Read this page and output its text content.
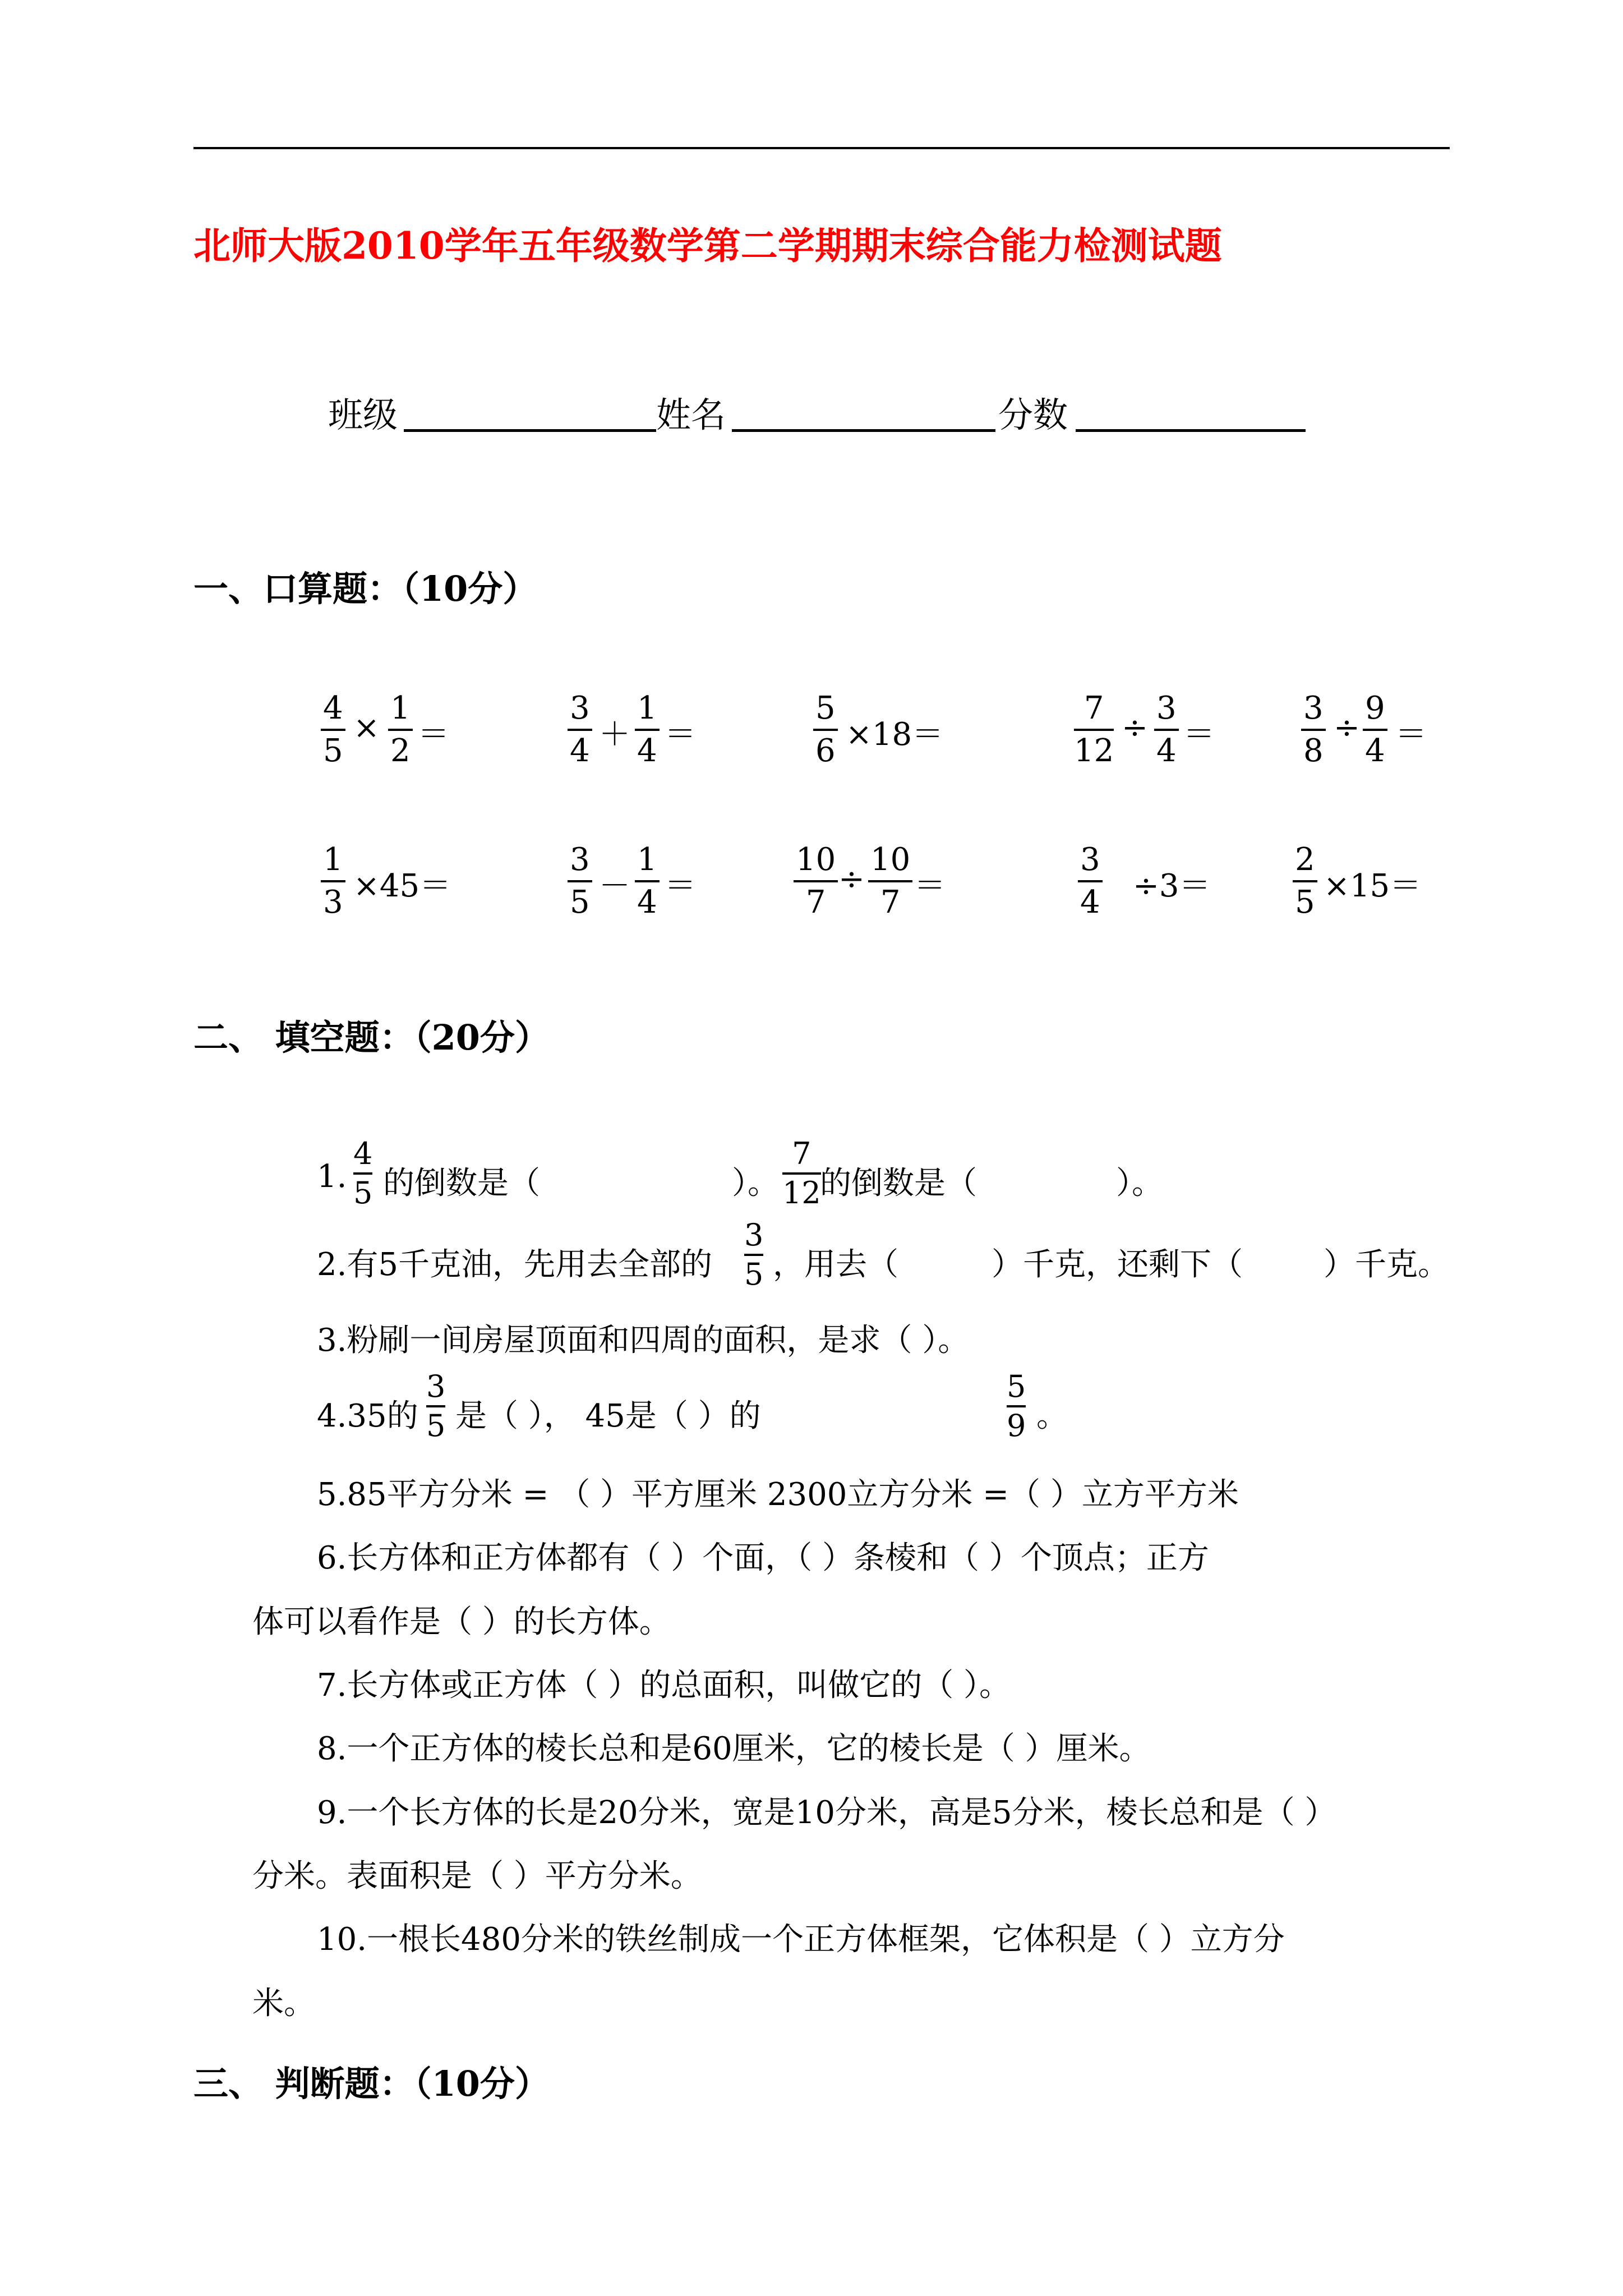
北师大版2010学年五年级数学第二学期期末综合能力检测试题
班级	姓名	分数
一、口算题：（10分）
4
5
×
1
2 ＝
3
4 ＋
1
4 ＝
5
6 ×18＝
7
12
÷
3
4 ＝
3
8
÷
9
4 ＝
1
3 ×45＝
3
5 －
1
4 ＝
10
7
÷
10
7 ＝
3
4 ÷3＝
2
5 ×15＝
二、 填空题：（20分）
1.
4
5 的倒数是（	）。
7
12
的倒数是（	）。
2.有5千克油，先用去全部的
3
5 ，用去（	）千克，还剩下（	）千克。
3.粉刷一间房屋顶面和四周的面积，是求（ ）。
4.35的
3
5 是（ ）， 45是（ ）的
5
9 。
5.85平方分米 = （ ）平方厘米 2300立方分米 =（ ）立方平方米
6.长方体和正方体都有（ ）个面，（ ）条棱和（ ）个顶点；正方
体可以看作是（ ）的长方体。
7.长方体或正方体（ ）的总面积，叫做它的（ ）。
8.一个正方体的棱长总和是60厘米，它的棱长是（ ）厘米。
9.一个长方体的长是20分米，宽是10分米，高是5分米，棱长总和是（ ）
分米。表面积是（ ）平方分米。
10.一根长480分米的铁丝制成一个正方体框架，它体积是（ ）立方分
米。
三、 判断题：（10分）
